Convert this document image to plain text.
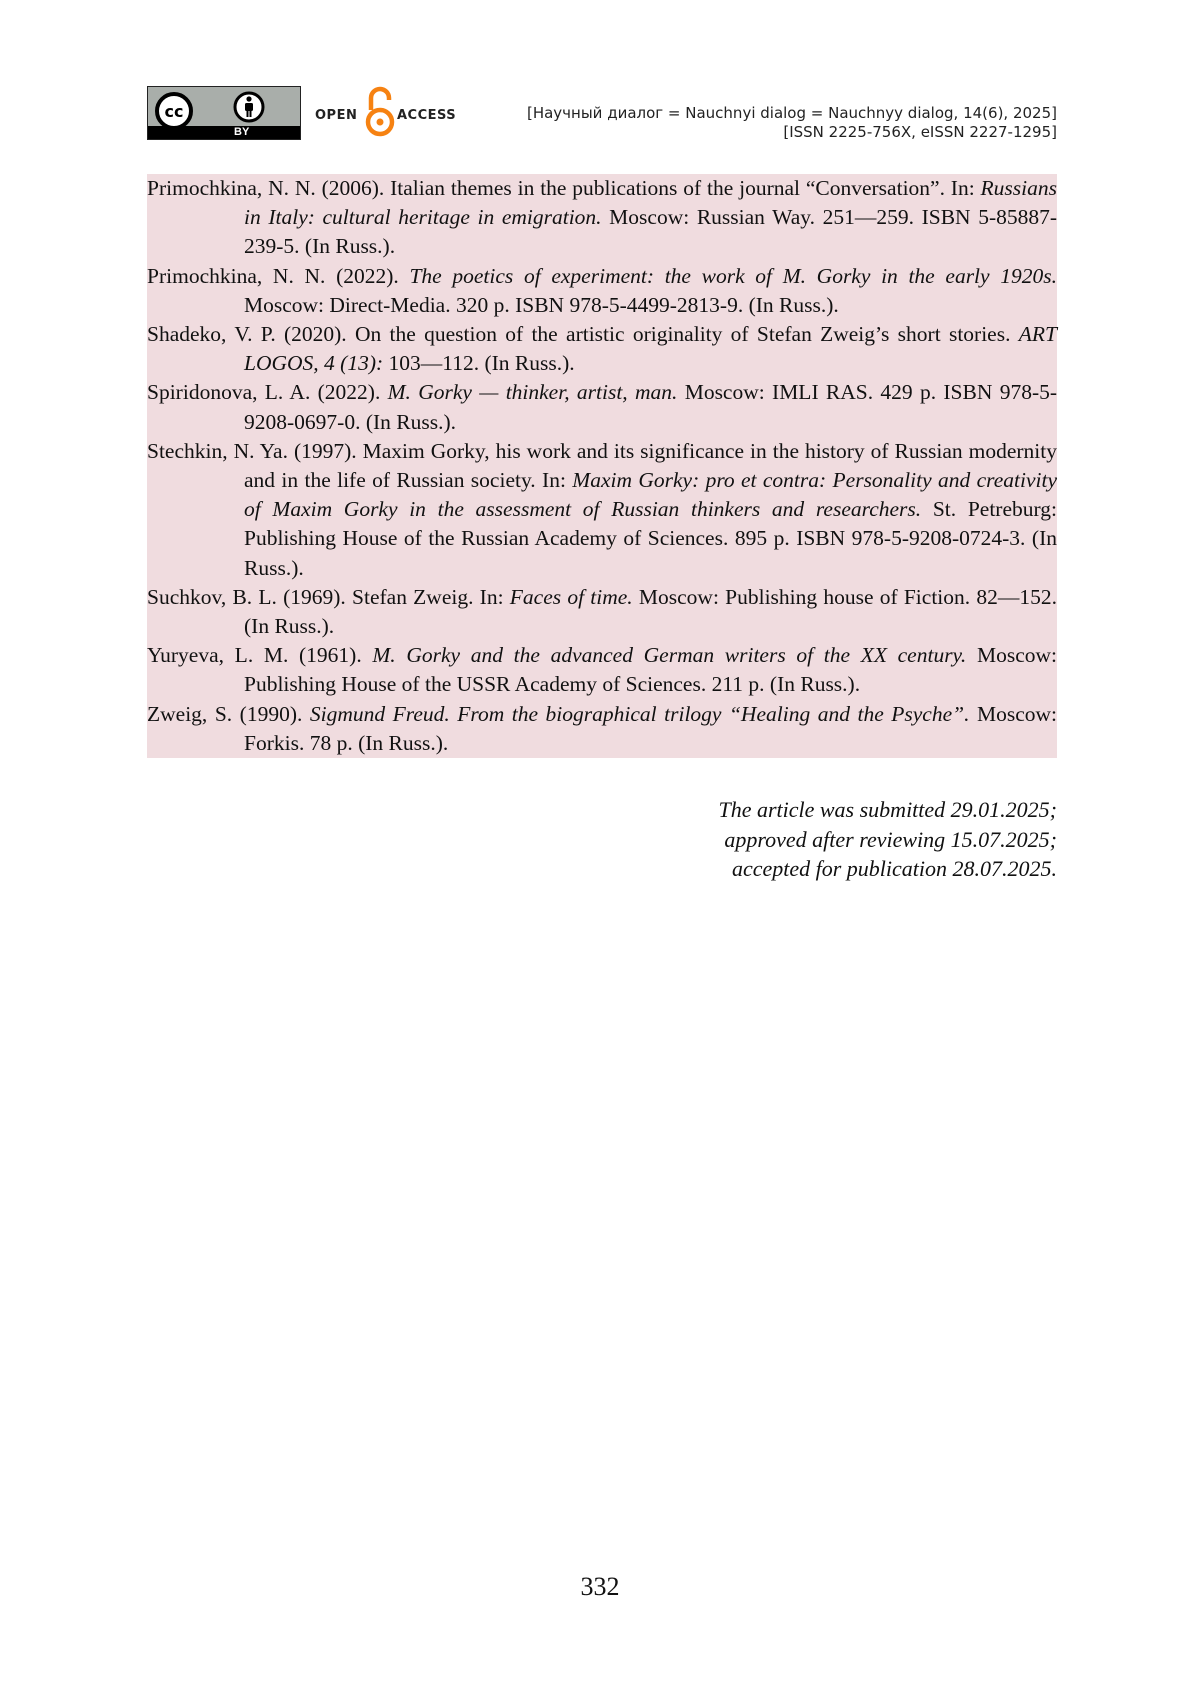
cc
BY
OPEN	ACCESS	[Научный диалог = Nauchnyi dialog = Nauchnyy dialog, 14(6), 2025]
[ISSN 2225-756X, eISSN 2227-1295]

Primochkina, N. N. (2006). Italian themes in the publications of the journal “Conversation”. In: Russians in Italy: cultural heritage in emigration. Moscow: Russian Way. 251—259. ISBN 5-85887-239-5. (In Russ.).

Primochkina, N. N. (2022). The poetics of experiment: the work of M. Gorky in the early 1920s. Moscow: Direct-Media. 320 p. ISBN 978-5-4499-2813-9. (In Russ.).

Shadeko, V. P. (2020). On the question of the artistic originality of Stefan Zweig’s short stories. ART LOGOS, 4 (13): 103—112. (In Russ.).

Spiridonova, L. A. (2022). M. Gorky — thinker, artist, man. Moscow: IMLI RAS. 429 p. ISBN 978-5-9208-0697-0. (In Russ.).

Stechkin, N. Ya. (1997). Maxim Gorky, his work and its significance in the history of Russian modernity and in the life of Russian society. In: Maxim Gorky: pro et contra: Personality and creativity of Maxim Gorky in the assessment of Russian thinkers and researchers. St. Petreburg: Publishing House of the Russian Academy of Sciences. 895 p. ISBN 978-5-9208-0724-3. (In Russ.).

Suchkov, B. L. (1969). Stefan Zweig. In: Faces of time. Moscow: Publishing house of Fiction. 82—152. (In Russ.).

Yuryeva, L. M. (1961). M. Gorky and the advanced German writers of the XX century. Moscow: Publishing House of the USSR Academy of Sciences. 211 p. (In Russ.).

Zweig, S. (1990). Sigmund Freud. From the biographical trilogy “Healing and the Psyche”. Moscow: Forkis. 78 p. (In Russ.).

The article was submitted 29.01.2025;
approved after reviewing 15.07.2025;
accepted for publication 28.07.2025.
332
